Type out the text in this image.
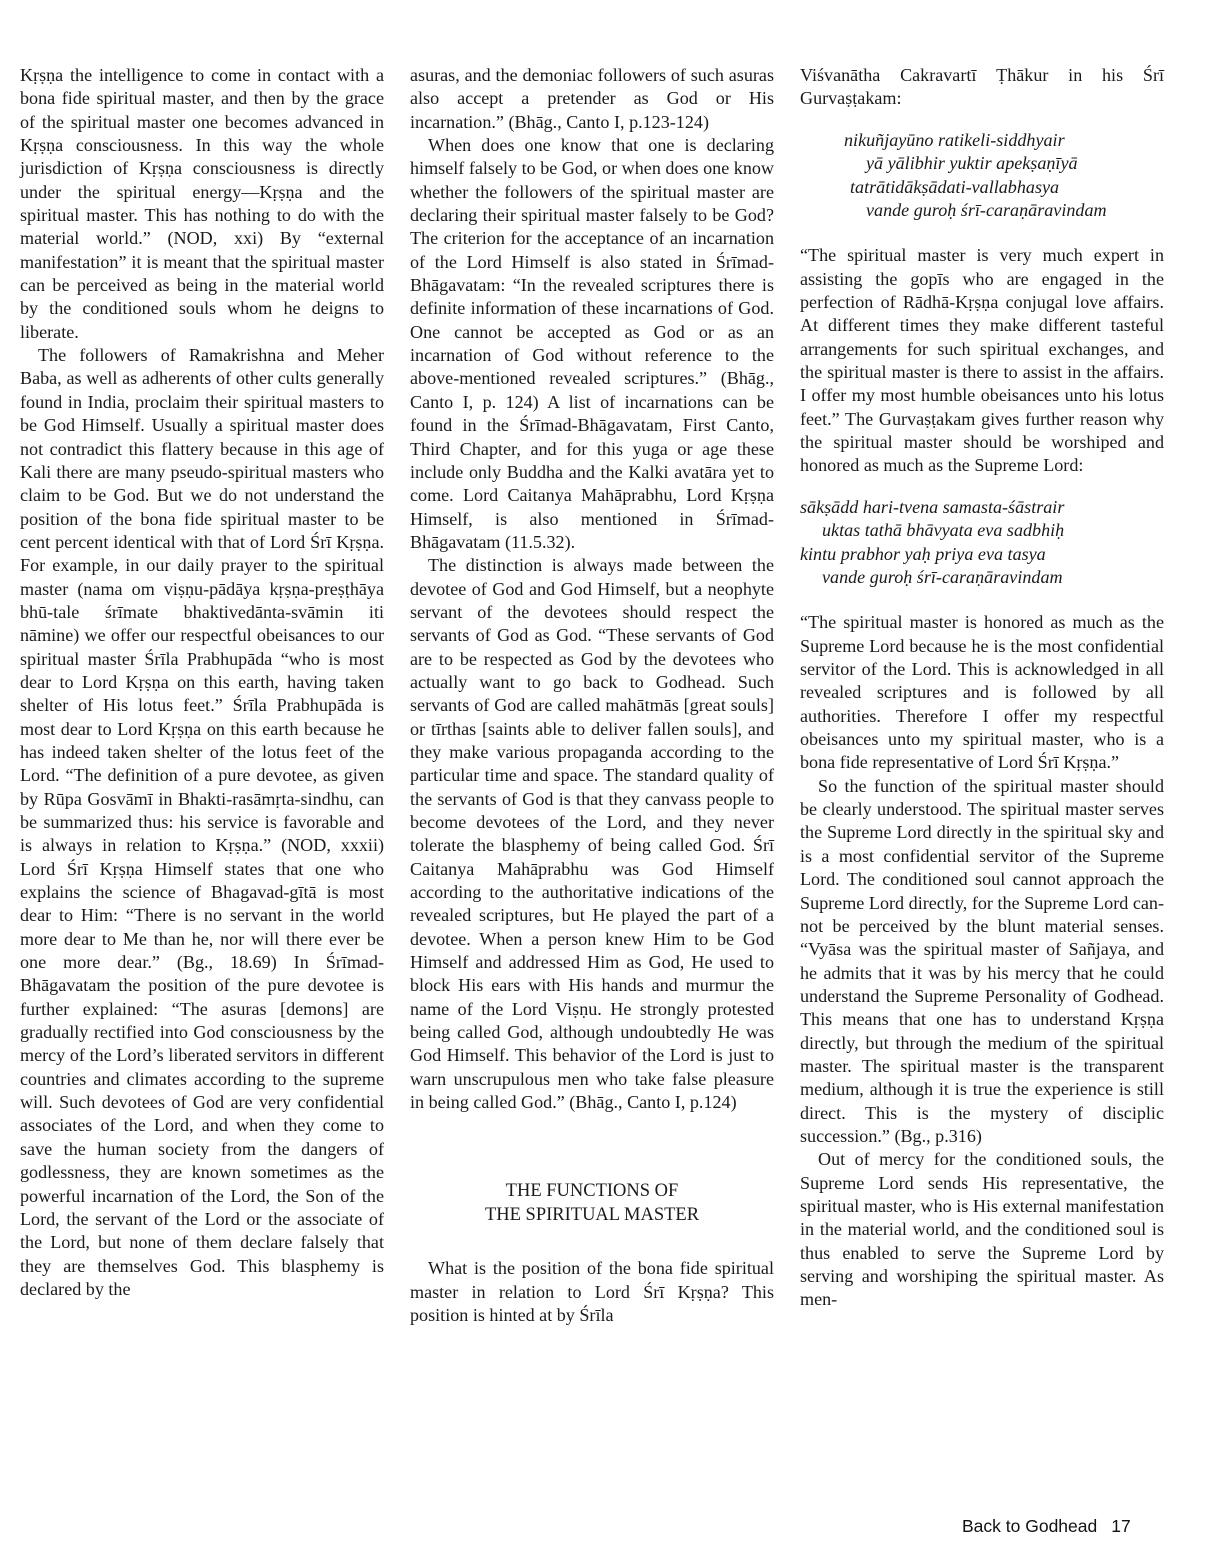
Kṛṣṇa the intelligence to come in contact with a bona fide spiritual master, and then by the grace of the spiritual master one becomes advanced in Kṛṣṇa consciousness. In this way the whole jurisdiction of Kṛṣṇa consciousness is directly under the spiritual energy—Kṛṣṇa and the spiritual master. This has nothing to do with the material world.” (NOD, xxi) By “external manifestation” it is meant that the spiritual master can be perceived as being in the material world by the conditioned souls whom he deigns to liberate.

The followers of Ramakrishna and Meher Baba, as well as adherents of other cults generally found in India, proclaim their spiritual masters to be God Himself. Usually a spiritual master does not contradict this flattery because in this age of Kali there are many pseudo-spiritual masters who claim to be God. But we do not understand the position of the bona fide spiritual master to be cent percent identical with that of Lord Śrī Kṛṣṇa. For example, in our daily prayer to the spiritual master (nama om viṣṇu-pādāya kṛṣṇa-preṣṭhāya bhū-tale śrīmate bhaktivedānta-svāmin iti nāmine) we offer our respectful obeisances to our spiritual master Śrīla Prabhupāda “who is most dear to Lord Kṛṣṇa on this earth, having taken shelter of His lotus feet.” Śrīla Prabhupāda is most dear to Lord Kṛṣṇa on this earth because he has indeed taken shelter of the lotus feet of the Lord. “The definition of a pure devotee, as given by Rūpa Gosvāmī in Bhakti-rasāmṛta-sindhu, can be summarized thus: his service is favorable and is always in relation to Kṛṣṇa.” (NOD, xxxii) Lord Śrī Kṛṣṇa Himself states that one who explains the science of Bhagavad-gītā is most dear to Him: “There is no servant in the world more dear to Me than he, nor will there ever be one more dear.” (Bg., 18.69) In Śrīmad-Bhāgavatam the position of the pure devotee is further explained: “The asuras [demons] are gradually rectified into God consciousness by the mercy of the Lord’s liberated servitors in different countries and climates according to the supreme will. Such devotees of God are very confidential associates of the Lord, and when they come to save the human society from the dangers of godlessness, they are known sometimes as the powerful incarnation of the Lord, the Son of the Lord, the servant of the Lord or the associate of the Lord, but none of them declare falsely that they are themselves God. This blasphemy is declared by the

asuras, and the demoniac followers of such asuras also accept a pretender as God or His incarnation.” (Bhāg., Canto I, p.123-124)

When does one know that one is declaring himself falsely to be God, or when does one know whether the followers of the spiritual master are declaring their spiritual master falsely to be God? The criterion for the acceptance of an incarnation of the Lord Himself is also stated in Śrīmad-Bhāgavatam: “In the revealed scriptures there is definite information of these incarnations of God. One cannot be accepted as God or as an incarnation of God without reference to the above-mentioned revealed scriptures.” (Bhāg., Canto I, p. 124) A list of incarnations can be found in the Śrīmad-Bhāgavatam, First Canto, Third Chapter, and for this yuga or age these include only Buddha and the Kalki avatāra yet to come. Lord Caitanya Mahāprabhu, Lord Kṛṣṇa Himself, is also mentioned in Śrīmad-Bhāgavatam (11.5.32).

The distinction is always made between the devotee of God and God Himself, but a neophyte servant of the devotees should respect the servants of God as God. “These servants of God are to be respected as God by the devotees who actually want to go back to Godhead. Such servants of God are called mahātmās [great souls] or tīrthas [saints able to deliver fallen souls], and they make various propaganda according to the particular time and space. The standard quality of the servants of God is that they canvass people to become devotees of the Lord, and they never tolerate the blasphemy of being called God. Śrī Caitanya Mahāprabhu was God Himself according to the authoritative indications of the revealed scriptures, but He played the part of a devotee. When a person knew Him to be God Himself and addressed Him as God, He used to block His ears with His hands and murmur the name of the Lord Viṣṇu. He strongly protested being called God, although undoubtedly He was God Himself. This behavior of the Lord is just to warn unscrupulous men who take false pleasure in being called God.” (Bhāg., Canto I, p.124)

THE FUNCTIONS OF
THE SPIRITUAL MASTER

What is the position of the bona fide spiritual master in relation to Lord Śrī Kṛṣṇa? This position is hinted at by Śrīla

Viśvanātha Cakravartī Ṭhākur in his Śrī Gurvaṣṭakam:

nikuñjayūno ratikeli-siddhyair
yā yālibhir yuktir apekṣaṇīyā
tatrātidākṣādati-vallabhasya
vande guroḥ śrī-caraṇāravindam

“The spiritual master is very much expert in assisting the gopīs who are engaged in the perfection of Rādhā-Kṛṣṇa conjugal love affairs. At different times they make different tasteful arrangements for such spiritual exchanges, and the spiritual master is there to assist in the affairs. I offer my most humble obeisances unto his lotus feet.” The Gurvaṣṭakam gives further reason why the spiritual master should be worshiped and honored as much as the Supreme Lord:

sākṣādd hari-tvena samasta-śāstrair
uktas tathā bhāvyata eva sadbhiḥ
kintu prabhor yaḥ priya eva tasya
vande guroḥ śrī-caraṇāravindam

“The spiritual master is honored as much as the Supreme Lord because he is the most confidential servitor of the Lord. This is acknowledged in all revealed scriptures and is followed by all authorities. Therefore I offer my respectful obeisances unto my spiritual master, who is a bona fide representative of Lord Śrī Kṛṣṇa.”

So the function of the spiritual master should be clearly understood. The spiritual master serves the Supreme Lord directly in the spiritual sky and is a most confidential servitor of the Supreme Lord. The conditioned soul cannot approach the Supreme Lord directly, for the Supreme Lord cannot be perceived by the blunt material senses. “Vyāsa was the spiritual master of Sañjaya, and he admits that it was by his mercy that he could understand the Supreme Personality of Godhead. This means that one has to understand Kṛṣṇa directly, but through the medium of the spiritual master. The spiritual master is the transparent medium, although it is true the experience is still direct. This is the mystery of disciplic succession.” (Bg., p.316)

Out of mercy for the conditioned souls, the Supreme Lord sends His representative, the spiritual master, who is His external manifestation in the material world, and the conditioned soul is thus enabled to serve the Supreme Lord by serving and worshiping the spiritual master. As men-

Back to Godhead 17
